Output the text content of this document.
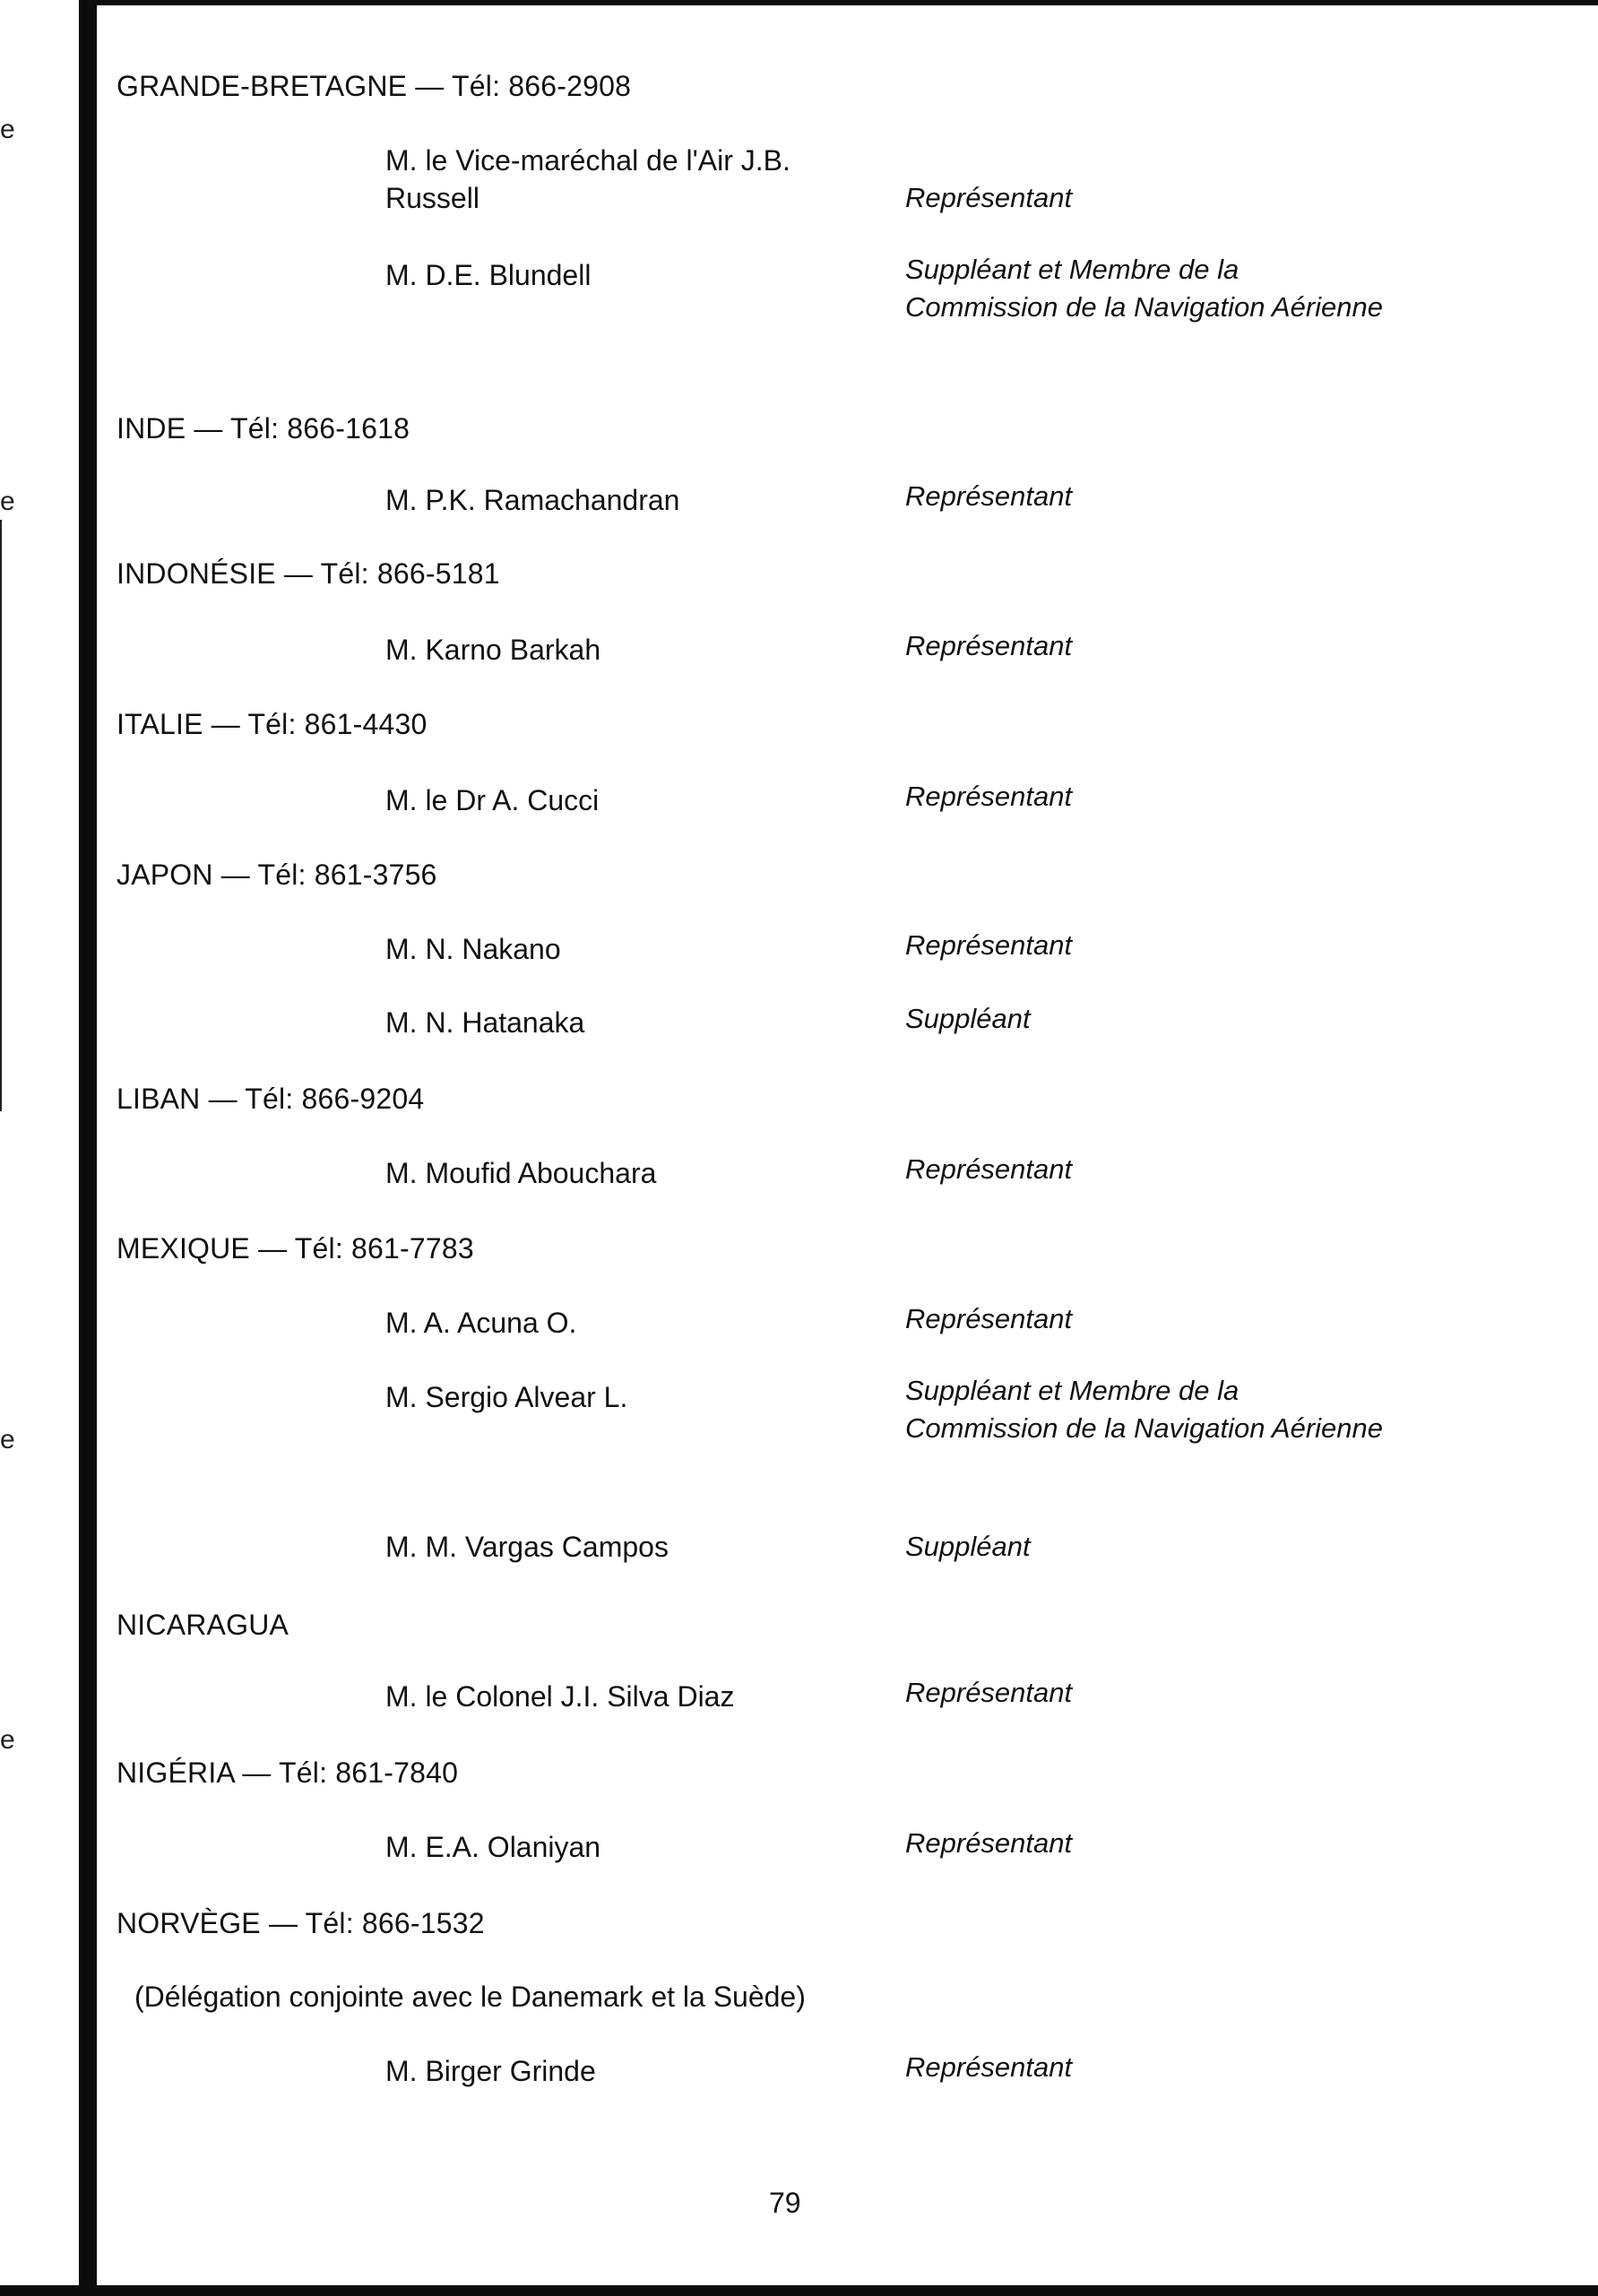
e
e
e
e
GRANDE-BRETAGNE — Tél: 866-2908
M. le Vice-maréchal de l'Air J.B.
Russell	Représentant
M. D.E. Blundell	Suppléant et Membre de la
Commission de la Navigation Aérienne
INDE — Tél: 866-1618
M. P.K. Ramachandran	Représentant
INDONÉSIE — Tél: 866-5181
M. Karno Barkah	Représentant
ITALIE — Tél: 861-4430
M. le Dr A. Cucci	Représentant
JAPON — Tél: 861-3756
M. N. Nakano	Représentant
M. N. Hatanaka	Suppléant
LIBAN — Tél: 866-9204
M. Moufid Abouchara	Représentant
MEXIQUE — Tél: 861-7783
M. A. Acuna O.	Représentant
M. Sergio Alvear L.	Suppléant et Membre de la
Commission de la Navigation Aérienne
M. M. Vargas Campos	Suppléant
NICARAGUA
M. le Colonel J.I. Silva Diaz	Représentant
NIGÉRIA — Tél: 861-7840
M. E.A. Olaniyan	Représentant
NORVÈGE — Tél: 866-1532
(Délégation conjointe avec le Danemark et la Suède)
M. Birger Grinde	Représentant
79
